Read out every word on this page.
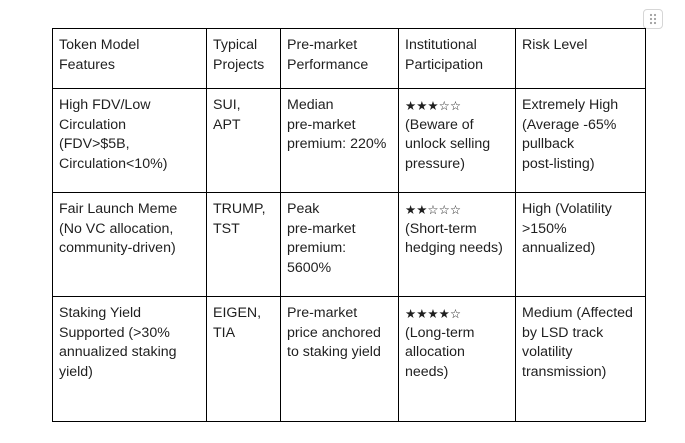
Token Model
Features	Typical
Projects	Pre-market
Performance	Institutional
Participation	Risk Level

High FDV/Low
Circulation
(FDV>$5B,
Circulation<10%)	SUI,
APT	Median
pre-market
premium: 220%	★★★☆☆
(Beware of
unlock selling
pressure)	Extremely High
(Average -65%
pullback
post-listing)

Fair Launch Meme
(No VC allocation,
community-driven)	TRUMP,
TST	Peak
pre-market
premium:
5600%	★★☆☆☆
(Short-term
hedging needs)	High (Volatility
>150%
annualized)

Staking Yield
Supported (>30%
annualized staking
yield)	EIGEN,
TIA	Pre-market
price anchored
to staking yield	★★★★☆
(Long-term
allocation
needs)	Medium (Affected
by LSD track
volatility
transmission)
